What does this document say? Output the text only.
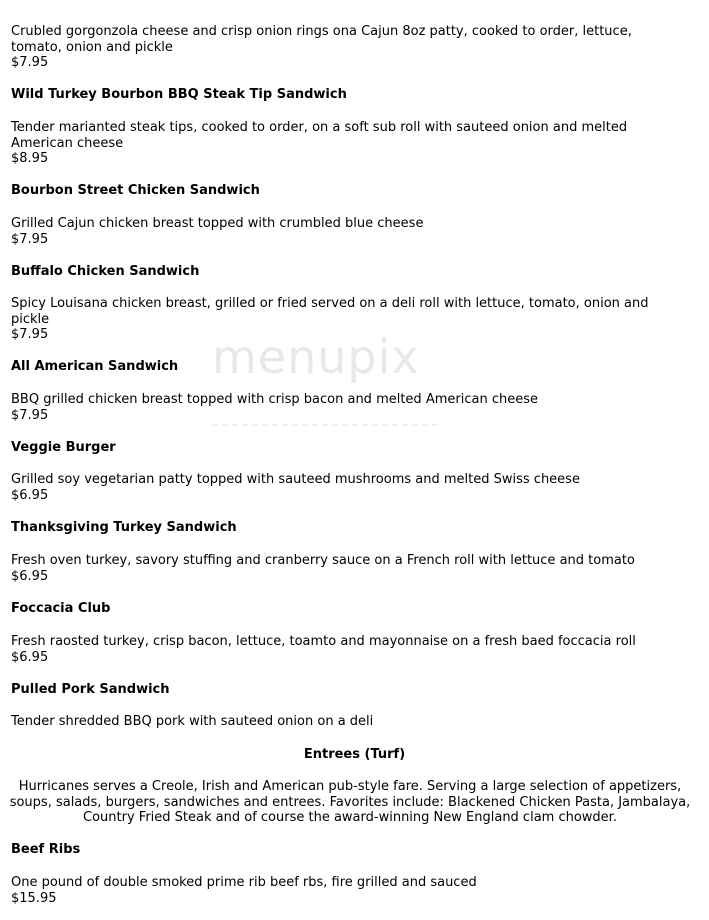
Crubled gorgonzola cheese and crisp onion rings ona Cajun 8oz patty, cooked to order, lettuce, tomato, onion and pickle
$7.95
Wild Turkey Bourbon BBQ Steak Tip Sandwich
Tender marianted steak tips, cooked to order, on a soft sub roll with sauteed onion and melted American cheese
$8.95
Bourbon Street Chicken Sandwich
Grilled Cajun chicken breast topped with crumbled blue cheese
$7.95
Buffalo Chicken Sandwich
Spicy Louisana chicken breast, grilled or fried served on a deli roll with lettuce, tomato, onion and pickle
$7.95
All American Sandwich
BBQ grilled chicken breast topped with crisp bacon and melted American cheese
$7.95
Veggie Burger
Grilled soy vegetarian patty topped with sauteed mushrooms and melted Swiss cheese
$6.95
Thanksgiving Turkey Sandwich
Fresh oven turkey, savory stuffing and cranberry sauce on a French roll with lettuce and tomato
$6.95
Foccacia Club
Fresh raosted turkey, crisp bacon, lettuce, toamto and mayonnaise on a fresh baed foccacia roll
$6.95
Pulled Pork Sandwich
Tender shredded BBQ pork with sauteed onion on a deli
Entrees (Turf)
Hurricanes serves a Creole, Irish and American pub-style fare. Serving a large selection of appetizers, soups, salads, burgers, sandwiches and entrees. Favorites include: Blackened Chicken Pasta, Jambalaya, Country Fried Steak and of course the award-winning New England clam chowder.
Beef Ribs
One pound of double smoked prime rib beef rbs, fire grilled and sauced
$15.95
menupix
